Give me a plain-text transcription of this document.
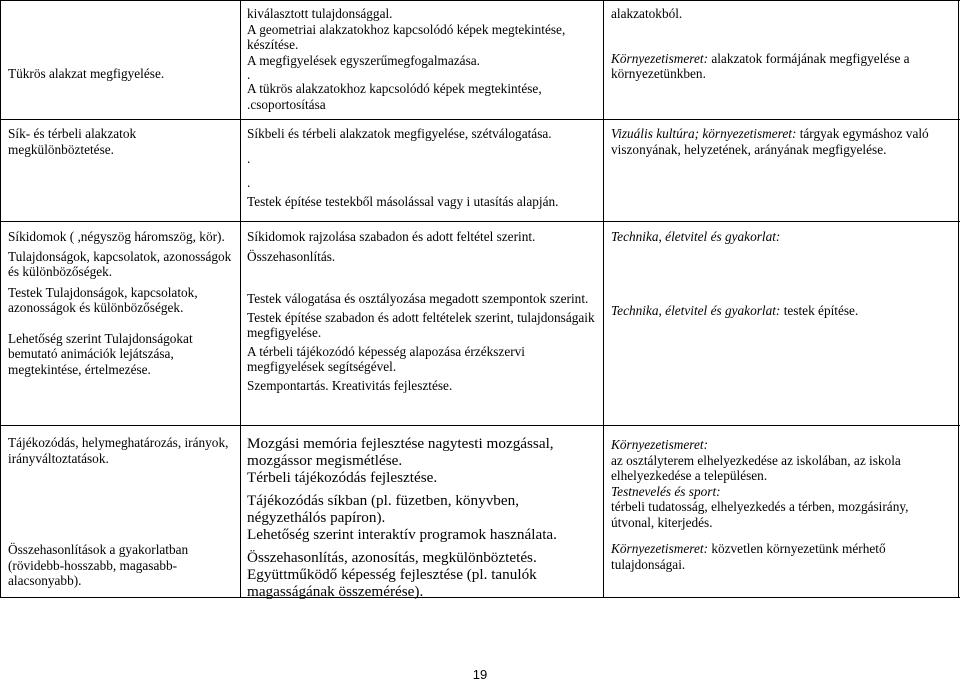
Tükrös alakzat megfigyelése.
kiválasztott tulajdonsággal.
A geometriai alakzatokhoz kapcsolódó képek megtekintése, készítése.
A megfigyelések egyszerűmegfogalmazása.
.
A tükrös alakzatokhoz kapcsolódó képek megtekintése,
.csoportosítása
alakzatokból.
Környezetismeret: alakzatok formájának megfigyelése a környezetünkben.
Sík- és térbeli alakzatok megkülönböztetése.
Síkbeli és térbeli alakzatok megfigyelése, szétválogatása.
.
.
Testek építése testekből másolással vagy i utasítás alapján.
Vizuális kultúra; környezetismeret: tárgyak egymáshoz való viszonyának, helyzetének, arányának megfigyelése.
Síkidomok ( ,négyszög háromszög, kör).
Tulajdonságok, kapcsolatok, azonosságok és különbözőségek.
Testek Tulajdonságok, kapcsolatok, azonosságok és különbözőségek.
Lehetőség szerint Tulajdonságokat bemutató animációk lejátszása, megtekintése, értelmezése.
Síkidomok rajzolása szabadon és adott feltétel szerint.
Összehasonlítás.
Testek válogatása és osztályozása megadott szempontok szerint.
Testek építése szabadon és adott feltételek szerint, tulajdonságaik megfigyelése.
A térbeli tájékozódó képesség alapozása érzékszervi megfigyelések segítségével.
Szempontartás. Kreativitás fejlesztése.
Technika, életvitel és gyakorlat:
Technika, életvitel és gyakorlat: testek építése.
Tájékozódás, helymeghatározás, irányok, irányváltoztatások.
Összehasonlítások a gyakorlatban (rövidebb-hosszabb, magasabb-alacsonyabb).
Mozgási memória fejlesztése nagytesti mozgással, mozgássor megismétlése.
Térbeli tájékozódás fejlesztése.
Tájékozódás síkban (pl. füzetben, könyvben, négyzethálós papíron).
Lehetőség szerint interaktív programok használata.
Összehasonlítás, azonosítás, megkülönböztetés.
Együttműködő képesség fejlesztése (pl. tanulók magasságának összemérése).
Környezetismeret:
az osztályterem elhelyezkedése az iskolában, az iskola elhelyezkedése a településen.
Testnevelés és sport:
térbeli tudatosság, elhelyezkedés a térben, mozgásirány, útvonal, kiterjedés.
Környezetismeret: közvetlen környezetünk mérhető tulajdonságai.
19
